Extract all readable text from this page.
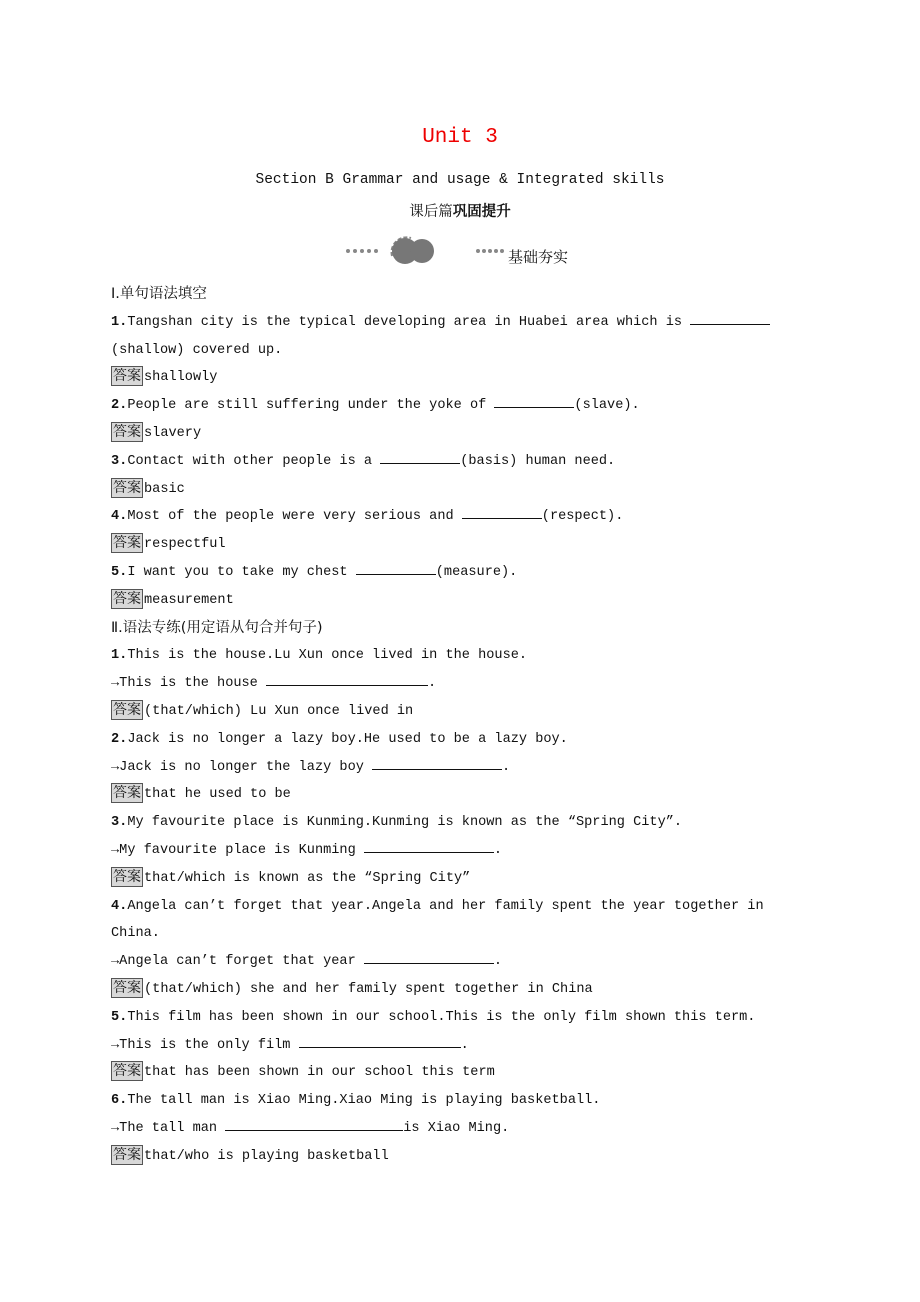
Unit 3
Section B Grammar and usage & Integrated skills
课后篇巩固提升
基础夯实
Ⅰ.单句语法填空
1.Tangshan city is the typical developing area in Huabei area which is
(shallow) covered up.
答案 shallowly
2.People are still suffering under the yoke of	(slave).
答案 slavery
3.Contact with other people is a	(basis) human need.
答案 basic
4.Most of the people were very serious and	(respect).
答案 respectful
5.I want you to take my chest	(measure).
答案 measurement
Ⅱ.语法专练(用定语从句合并句子)
1.This is the house.Lu Xun once lived in the house.
→This is the house	.
答案 (that/which) Lu Xun once lived in
2.Jack is no longer a lazy boy.He used to be a lazy boy.
→Jack is no longer the lazy boy	.
答案 that he used to be
3.My favourite place is Kunming.Kunming is known as the “Spring City”.
→My favourite place is Kunming	.
答案 that/which is known as the “Spring City”
4.Angela can’t forget that year.Angela and her family spent the year together in China.
→Angela can’t forget that year	.
答案 (that/which) she and her family spent together in China
5.This film has been shown in our school.This is the only film shown this term.
→This is the only film	.
答案 that has been shown in our school this term
6.The tall man is Xiao Ming.Xiao Ming is playing basketball.
→The tall man	is Xiao Ming.
答案 that/who is playing basketball
